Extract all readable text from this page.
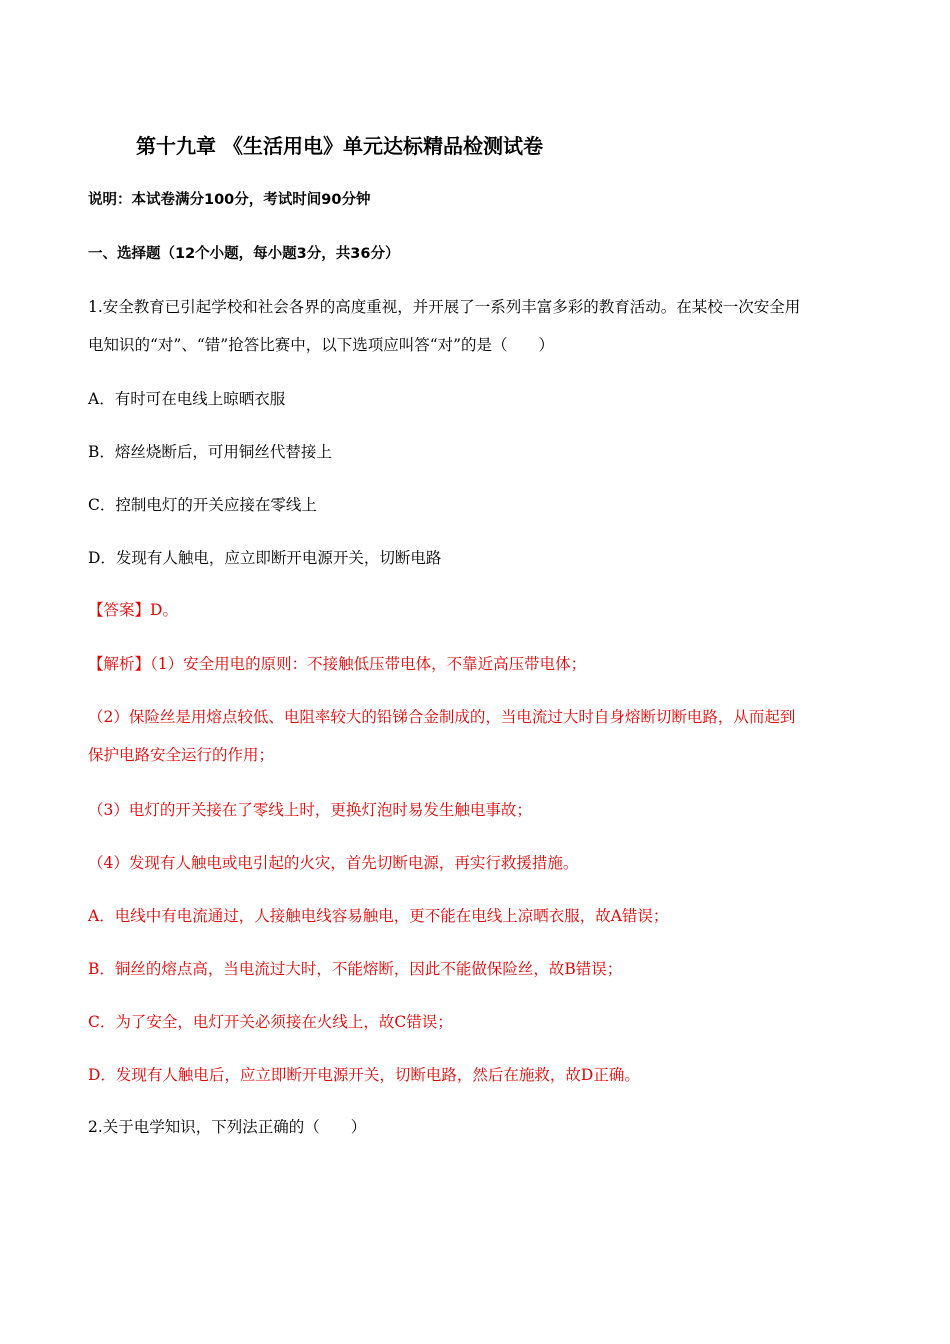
第十九章 《生活用电》单元达标精品检测试卷
说明：本试卷满分100分，考试时间90分钟
一、选择题（12个小题，每小题3分，共36分）
1.安全教育已引起学校和社会各界的高度重视，并开展了一系列丰富多彩的教育活动。在某校一次安全用
电知识的“对”、“错”抢答比赛中，以下选项应叫答“对”的是（　　）
A．有时可在电线上晾晒衣服
B．熔丝烧断后，可用铜丝代替接上
C．控制电灯的开关应接在零线上
D．发现有人触电，应立即断开电源开关，切断电路
【答案】D。
【解析】（1）安全用电的原则：不接触低压带电体，不靠近高压带电体；
（2）保险丝是用熔点较低、电阻率较大的铅锑合金制成的，当电流过大时自身熔断切断电路，从而起到
保护电路安全运行的作用；
（3）电灯的开关接在了零线上时，更换灯泡时易发生触电事故；
（4）发现有人触电或电引起的火灾，首先切断电源，再实行救援措施。
A．电线中有电流通过，人接触电线容易触电，更不能在电线上凉晒衣服，故A错误；
B．铜丝的熔点高，当电流过大时，不能熔断，因此不能做保险丝，故B错误；
C．为了安全，电灯开关必须接在火线上，故C错误；
D．发现有人触电后，应立即断开电源开关，切断电路，然后在施救，故D正确。
2.关于电学知识，下列法正确的（　　）
